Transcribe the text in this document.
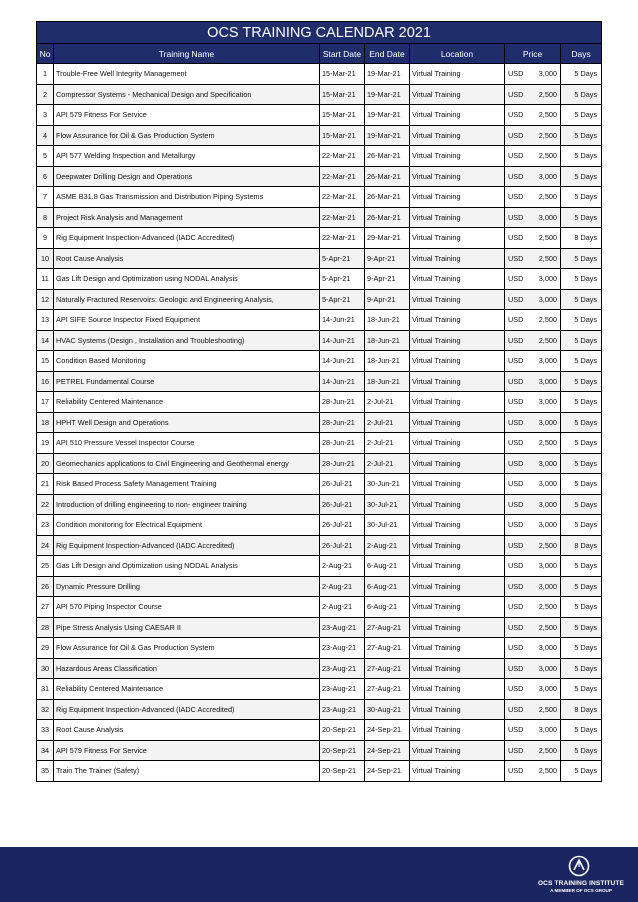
OCS TRAINING CALENDAR 2021						
No	Training Name	Start Date	End Date	Location	Price	Days
1	Trouble-Free Well Integrity Management	15-Mar-21	19-Mar-21	Virtual Training	USD 3,000	5 Days
2	Compressor Systems - Mechanical Design and Specification	15-Mar-21	19-Mar-21	Virtual Training	USD 2,500	5 Days
3	API 579 Fitness For Service	15-Mar-21	19-Mar-21	Virtual Training	USD 2,500	5 Days
4	Flow Assurance for Oil & Gas Production System	15-Mar-21	19-Mar-21	Virtual Training	USD 2,500	5 Days
5	API 577 Welding Inspection and Metallurgy	22-Mar-21	26-Mar-21	Virtual Training	USD 2,500	5 Days
6	Deepwater Drilling Design and Operations	22-Mar-21	26-Mar-21	Virtual Training	USD 3,000	5 Days
7	ASME B31.8 Gas Transmission and Distribution Piping Systems	22-Mar-21	26-Mar-21	Virtual Training	USD 2,500	5 Days
8	Project Risk Analysis and Management	22-Mar-21	26-Mar-21	Virtual Training	USD 3,000	5 Days
9	Rig Equipment Inspection-Advanced (IADC Accredited)	22-Mar-21	29-Mar-21	Virtual Training	USD 2,500	8 Days
10	Root Cause Analysis	5-Apr-21	9-Apr-21	Virtual Training	USD 2,500	5 Days
11	Gas Lift Design and Optimization using NODAL Analysis	5-Apr-21	9-Apr-21	Virtual Training	USD 3,000	5 Days
12	Naturally Fractured Reservoirs: Geologic and Engineering Analysis,	5-Apr-21	9-Apr-21	Virtual Training	USD 3,000	5 Days
13	API SIFE Source Inspector Fixed Equipment	14-Jun-21	18-Jun-21	Virtual Training	USD 2,500	5 Days
14	HVAC Systems (Design , Installation and Troubleshooting)	14-Jun-21	18-Jun-21	Virtual Training	USD 2,500	5 Days
15	Condition Based Monitoring	14-Jun-21	18-Jun-21	Virtual Training	USD 3,000	5 Days
16	PETREL Fundamental Course	14-Jun-21	18-Jun-21	Virtual Training	USD 3,000	5 Days
17	Reliability Centered Maintenance	28-Jun-21	2-Jul-21	Virtual Training	USD 3,000	5 Days
18	HPHT Well Design and Operations	28-Jun-21	2-Jul-21	Virtual Training	USD 3,000	5 Days
19	API 510 Pressure Vessel Inspector Course	28-Jun-21	2-Jul-21	Virtual Training	USD 2,500	5 Days
20	Geomechanics applications to Civil Engineering and Geothermal energy	28-Jun-21	2-Jul-21	Virtual Training	USD 3,000	5 Days
21	Risk Based Process Safety Management Training	26-Jul-21	30-Jun-21	Virtual Training	USD 3,000	5 Days
22	Introduction of drilling engineering to non- engineer training	26-Jul-21	30-Jul-21	Virtual Training	USD 3,000	5 Days
23	Condition monitoring for Electrical Equipment	26-Jul-21	30-Jul-21	Virtual Training	USD 3,000	5 Days
24	Rig Equipment Inspection-Advanced (IADC Accredited)	26-Jul-21	2-Aug-21	Virtual Training	USD 2,500	8 Days
25	Gas Lift Design and Optimization using NODAL Analysis	2-Aug-21	6-Aug-21	Virtual Training	USD 3,000	5 Days
26	Dynamic Pressure Drilling	2-Aug-21	6-Aug-21	Virtual Training	USD 3,000	5 Days
27	API 570 Piping Inspector Course	2-Aug-21	6-Aug-21	Virtual Training	USD 2,500	5 Days
28	Pipe Stress Analysis Using CAESAR II	23-Aug-21	27-Aug-21	Virtual Training	USD 2,500	5 Days
29	Flow Assurance for Oil & Gas Production System	23-Aug-21	27-Aug-21	Virtual Training	USD 3,000	5 Days
30	Hazardous Areas Classification	23-Aug-21	27-Aug-21	Virtual Training	USD 3,000	5 Days
31	Reliability Centered Maintenance	23-Aug-21	27-Aug-21	Virtual Training	USD 3,000	5 Days
32	Rig Equipment Inspection-Advanced (IADC Accredited)	23-Aug-21	30-Aug-21	Virtual Training	USD 2,500	8 Days
33	Root Cause Analysis	20-Sep-21	24-Sep-21	Virtual Training	USD 3,000	5 Days
34	API 579 Fitness For Service	20-Sep-21	24-Sep-21	Virtual Training	USD 2,500	5 Days
35	Train The Trainer (Safety)	20-Sep-21	24-Sep-21	Virtual Training	USD 2,500	5 Days
OCS TRAINING INSTITUTE
A MEMBER OF OCS GROUP
